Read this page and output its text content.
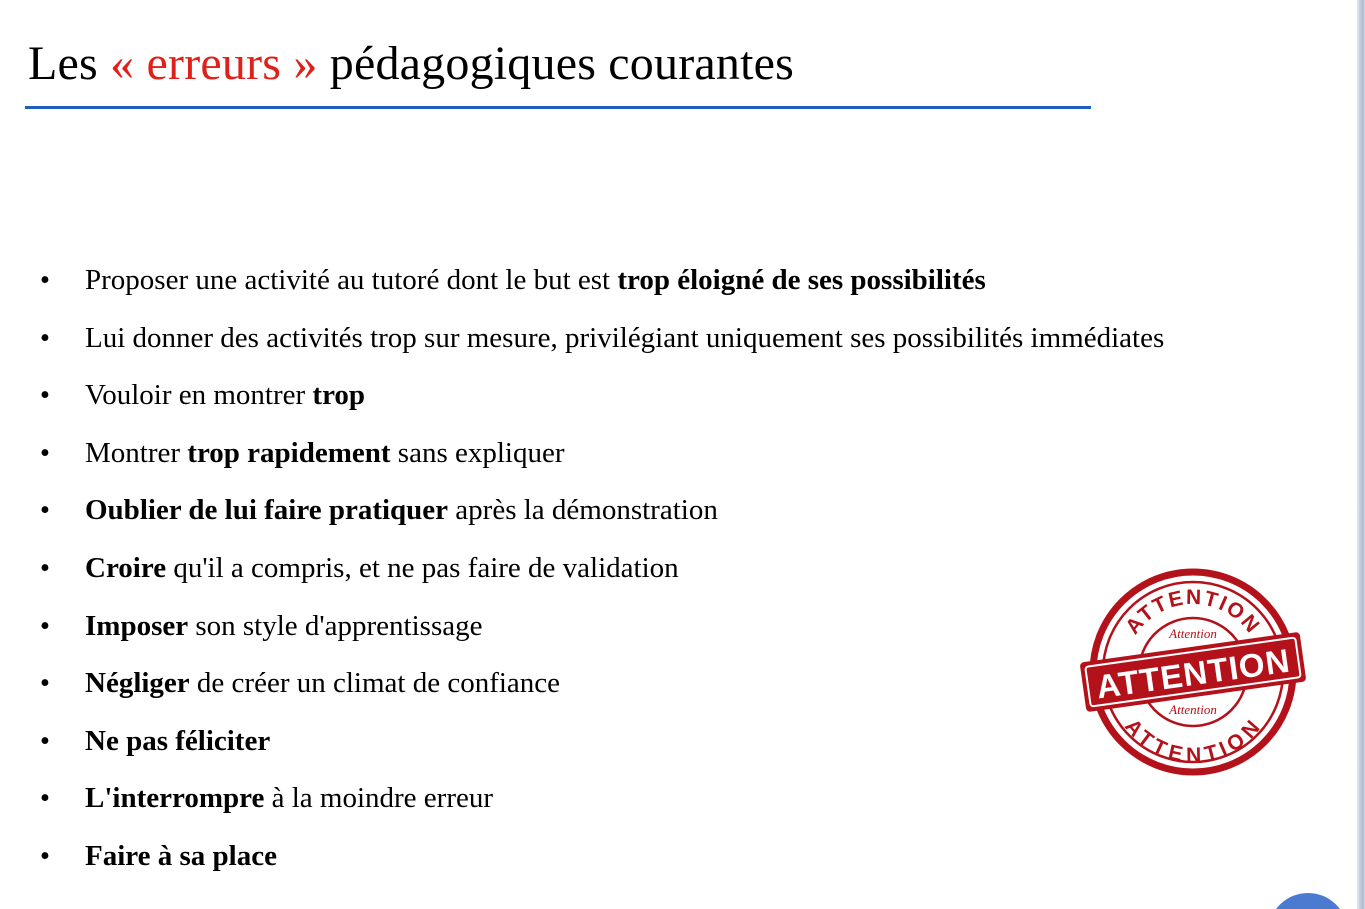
Les « erreurs » pédagogiques courantes
• Proposer une activité au tutoré dont le but est trop éloigné de ses possibilités
• Lui donner des activités trop sur mesure, privilégiant uniquement ses possibilités immédiates
• Vouloir en montrer trop
• Montrer trop rapidement sans expliquer
• Oublier de lui faire pratiquer après la démonstration
• Croire qu'il a compris, et ne pas faire de validation
• Imposer son style d'apprentissage
• Négliger de créer un climat de confiance
• Ne pas féliciter
• L'interrompre à la moindre erreur
• Faire à sa place
ATTENTION
ATTENTION
Attention
Attention
ATTENTION
